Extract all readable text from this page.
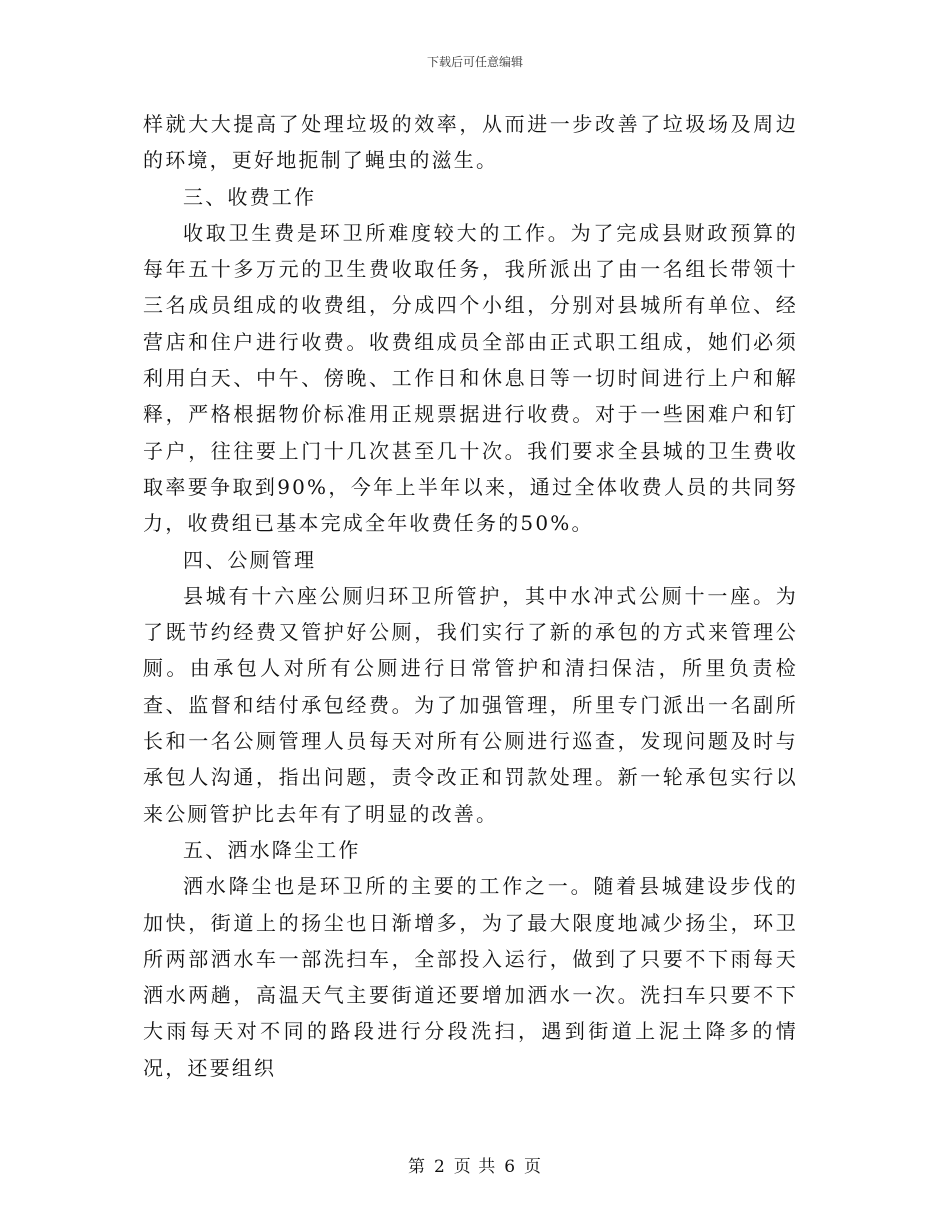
下载后可任意编辑

样就大大提高了处理垃圾的效率，从而进一步改善了垃圾场及周边的环境，更好地扼制了蝇虫的滋生。

三、收费工作

收取卫生费是环卫所难度较大的工作。为了完成县财政预算的每年五十多万元的卫生费收取任务，我所派出了由一名组长带领十三名成员组成的收费组，分成四个小组，分别对县城所有单位、经营店和住户进行收费。收费组成员全部由正式职工组成，她们必须利用白天、中午、傍晚、工作日和休息日等一切时间进行上户和解释，严格根据物价标准用正规票据进行收费。对于一些困难户和钉子户，往往要上门十几次甚至几十次。我们要求全县城的卫生费收取率要争取到90%，今年上半年以来，通过全体收费人员的共同努力，收费组已基本完成全年收费任务的50%。

四、公厕管理

县城有十六座公厕归环卫所管护，其中水冲式公厕十一座。为了既节约经费又管护好公厕，我们实行了新的承包的方式来管理公厕。由承包人对所有公厕进行日常管护和清扫保洁，所里负责检查、监督和结付承包经费。为了加强管理，所里专门派出一名副所长和一名公厕管理人员每天对所有公厕进行巡查，发现问题及时与承包人沟通，指出问题，责令改正和罚款处理。新一轮承包实行以来公厕管护比去年有了明显的改善。

五、洒水降尘工作

洒水降尘也是环卫所的主要的工作之一。随着县城建设步伐的加快，街道上的扬尘也日渐增多，为了最大限度地减少扬尘，环卫所两部洒水车一部洗扫车，全部投入运行，做到了只要不下雨每天洒水两趟，高温天气主要街道还要增加洒水一次。洗扫车只要不下大雨每天对不同的路段进行分段洗扫，遇到街道上泥土降多的情况，还要组织

第 2 页 共 6 页
